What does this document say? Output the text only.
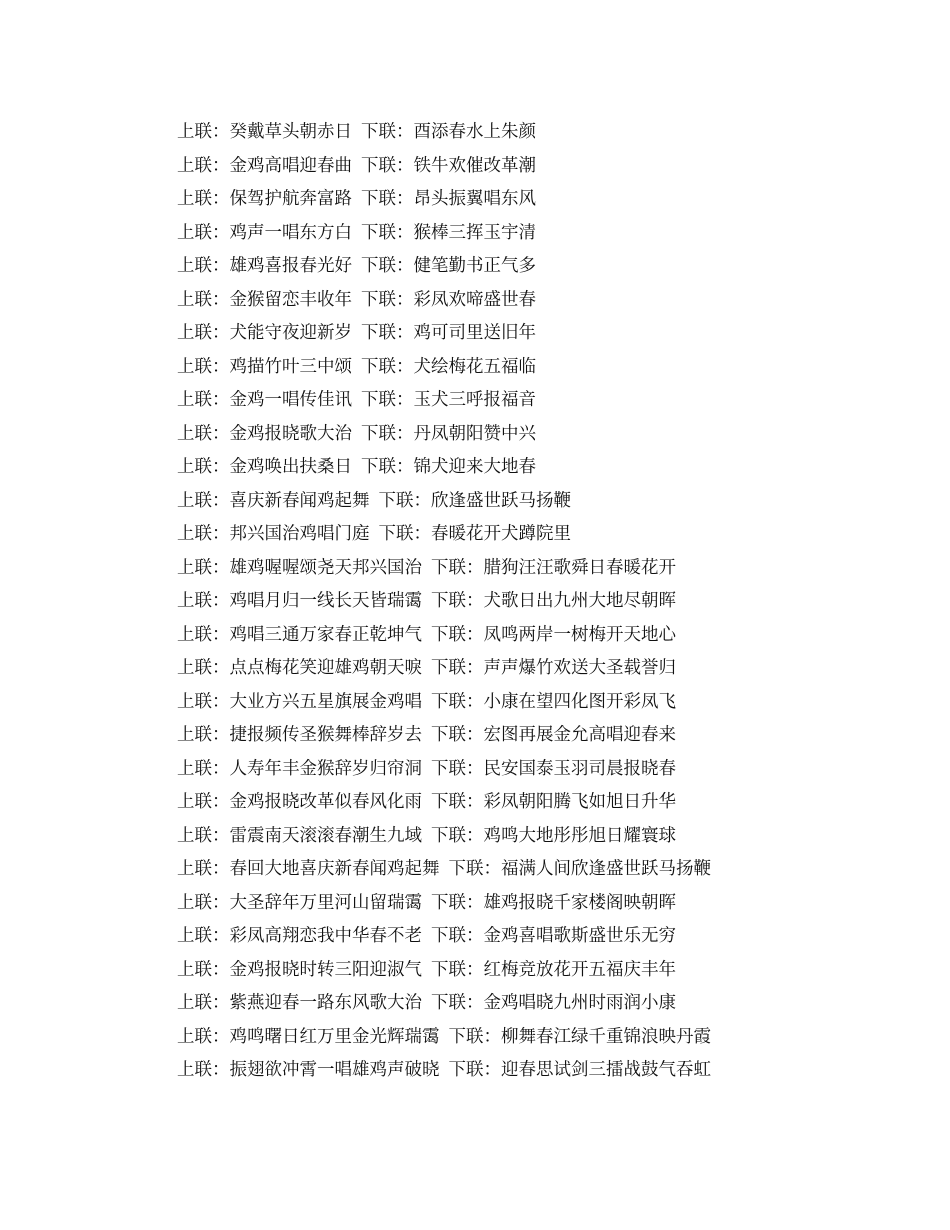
上联：癸戴草头朝赤日 下联：酉添春水上朱颜
上联：金鸡高唱迎春曲 下联：铁牛欢催改革潮
上联：保驾护航奔富路 下联：昂头振翼唱东风
上联：鸡声一唱东方白 下联：猴棒三挥玉宇清
上联：雄鸡喜报春光好 下联：健笔勤书正气多
上联：金猴留恋丰收年 下联：彩凤欢啼盛世春
上联：犬能守夜迎新岁 下联：鸡可司里送旧年
上联：鸡描竹叶三中颂 下联：犬绘梅花五福临
上联：金鸡一唱传佳讯 下联：玉犬三呼报福音
上联：金鸡报晓歌大治 下联：丹凤朝阳赞中兴
上联：金鸡唤出扶桑日 下联：锦犬迎来大地春
上联：喜庆新春闻鸡起舞 下联：欣逢盛世跃马扬鞭
上联：邦兴国治鸡唱门庭 下联：春暖花开犬蹲院里
上联：雄鸡喔喔颂尧天邦兴国治 下联：腊狗汪汪歌舜日春暖花开
上联：鸡唱月归一线长天皆瑞霭 下联：犬歌日出九州大地尽朝晖
上联：鸡唱三通万家春正乾坤气 下联：凤鸣两岸一树梅开天地心
上联：点点梅花笑迎雄鸡朝天唳 下联：声声爆竹欢送大圣载誉归
上联：大业方兴五星旗展金鸡唱 下联：小康在望四化图开彩凤飞
上联：捷报频传圣猴舞棒辞岁去 下联：宏图再展金允高唱迎春来
上联：人寿年丰金猴辞岁归帘洞 下联：民安国泰玉羽司晨报晓春
上联：金鸡报晓改革似春风化雨 下联：彩凤朝阳腾飞如旭日升华
上联：雷震南天滚滚春潮生九域 下联：鸡鸣大地彤彤旭日耀寰球
上联：春回大地喜庆新春闻鸡起舞 下联：福满人间欣逢盛世跃马扬鞭
上联：大圣辞年万里河山留瑞霭 下联：雄鸡报晓千家楼阁映朝晖
上联：彩凤高翔恋我中华春不老 下联：金鸡喜唱歌斯盛世乐无穷
上联：金鸡报晓时转三阳迎淑气 下联：红梅竞放花开五福庆丰年
上联：紫燕迎春一路东风歌大治 下联：金鸡唱晓九州时雨润小康
上联：鸡鸣曙日红万里金光辉瑞霭 下联：柳舞春江绿千重锦浪映丹霞
上联：振翅欲冲霄一唱雄鸡声破晓 下联：迎春思试剑三擂战鼓气吞虹
